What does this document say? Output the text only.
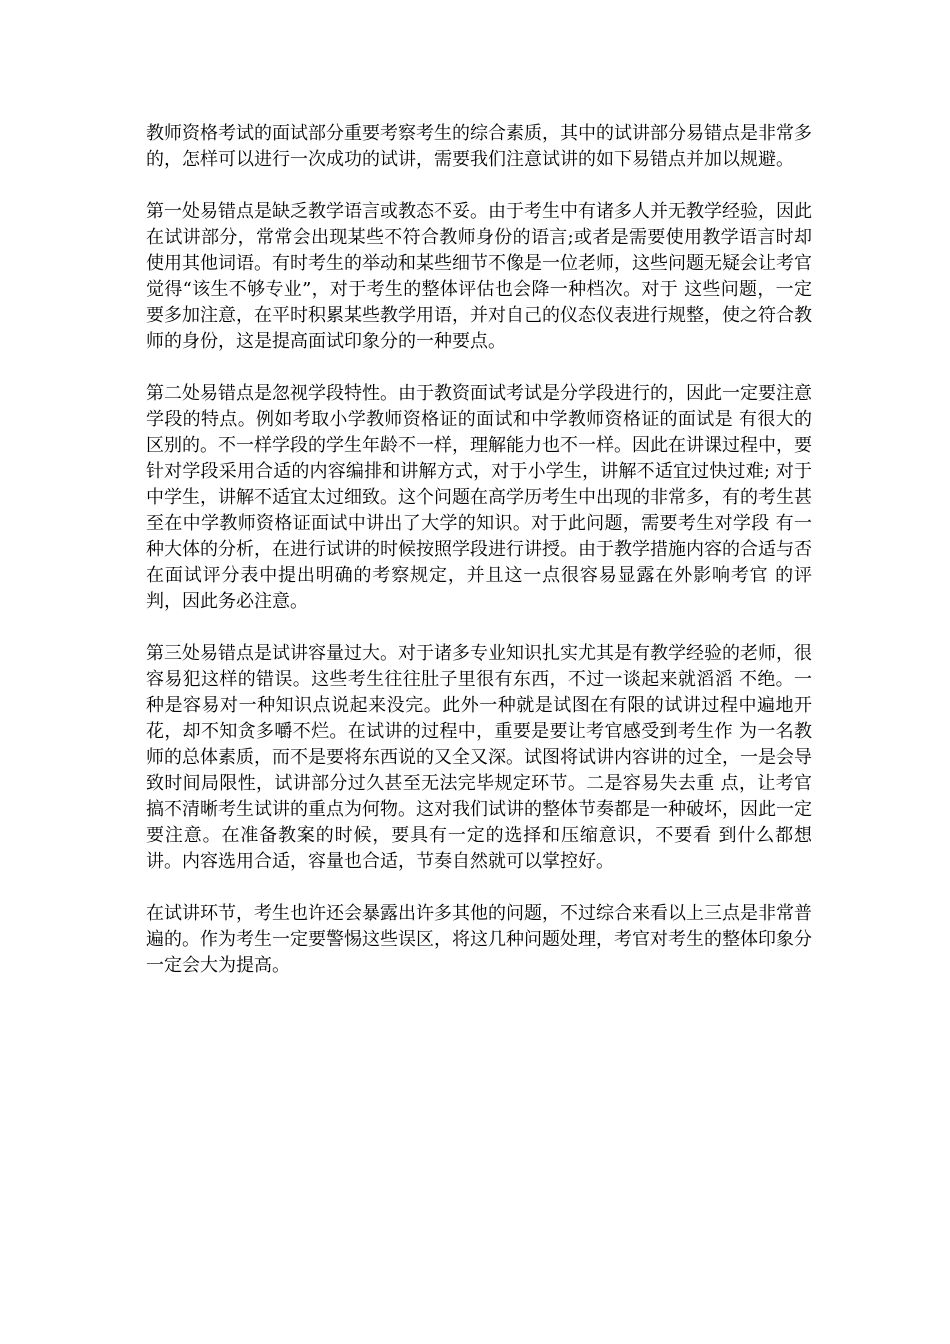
教师资格考试的面试部分重要考察考生的综合素质，其中的试讲部分易错点是非常多的，怎样可以进行一次成功的试讲，需要我们注意试讲的如下易错点并加以规避。

第一处易错点是缺乏教学语言或教态不妥。由于考生中有诸多人并无教学经验，因此在试讲部分，常常会出现某些不符合教师身份的语言;或者是需要使用教学语言时却使用其他词语。有时考生的举动和某些细节不像是一位老师，这些问题无疑会让考官觉得“该生不够专业”，对于考生的整体评估也会降一种档次。对于 这些问题，一定要多加注意，在平时积累某些教学用语，并对自己的仪态仪表进行规整，使之符合教师的身份，这是提高面试印象分的一种要点。

第二处易错点是忽视学段特性。由于教资面试考试是分学段进行的，因此一定要注意学段的特点。例如考取小学教师资格证的面试和中学教师资格证的面试是 有很大的区别的。不一样学段的学生年龄不一样，理解能力也不一样。因此在讲课过程中，要针对学段采用合适的内容编排和讲解方式，对于小学生，讲解不适宜过快过难; 对于中学生，讲解不适宜太过细致。这个问题在高学历考生中出现的非常多，有的考生甚至在中学教师资格证面试中讲出了大学的知识。对于此问题，需要考生对学段 有一种大体的分析，在进行试讲的时候按照学段进行讲授。由于教学措施内容的合适与否在面试评分表中提出明确的考察规定，并且这一点很容易显露在外影响考官 的评判，因此务必注意。

第三处易错点是试讲容量过大。对于诸多专业知识扎实尤其是有教学经验的老师，很容易犯这样的错误。这些考生往往肚子里很有东西，不过一谈起来就滔滔 不绝。一种是容易对一种知识点说起来没完。此外一种就是试图在有限的试讲过程中遍地开花，却不知贪多嚼不烂。在试讲的过程中，重要是要让考官感受到考生作 为一名教师的总体素质，而不是要将东西说的又全又深。试图将试讲内容讲的过全，一是会导致时间局限性，试讲部分过久甚至无法完毕规定环节。二是容易失去重 点，让考官搞不清晰考生试讲的重点为何物。这对我们试讲的整体节奏都是一种破坏，因此一定要注意。在准备教案的时候，要具有一定的选择和压缩意识，不要看 到什么都想讲。内容选用合适，容量也合适，节奏自然就可以掌控好。

在试讲环节，考生也许还会暴露出许多其他的问题，不过综合来看以上三点是非常普遍的。作为考生一定要警惕这些误区，将这几种问题处理，考官对考生的整体印象分一定会大为提高。
